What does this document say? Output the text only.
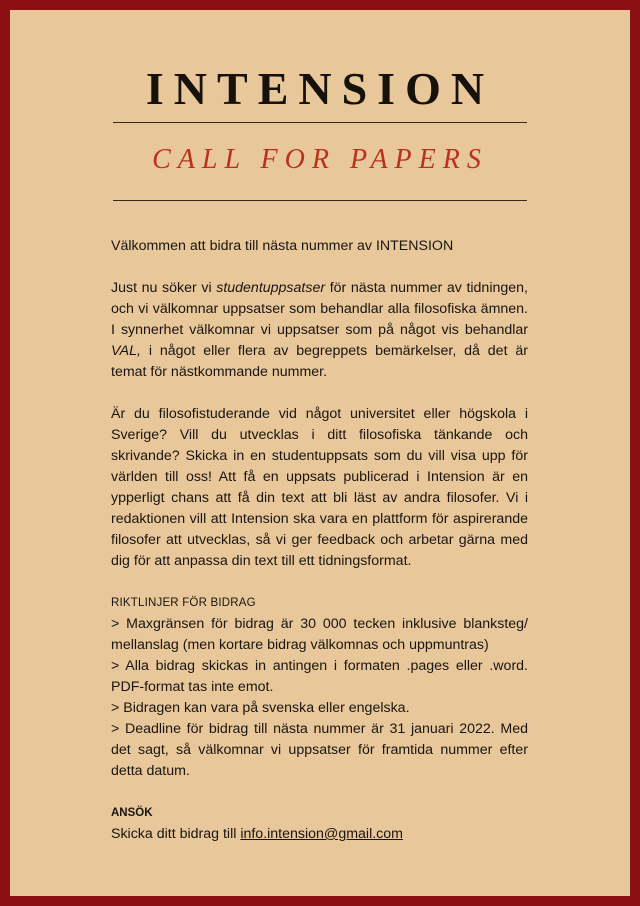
INTENSION
CALL FOR PAPERS

Välkommen att bidra till nästa nummer av INTENSION

Just nu söker vi studentuppsatser för nästa nummer av tidningen, och vi välkomnar uppsatser som behandlar alla filosofiska ämnen. I synnerhet välkomnar vi uppsatser som på något vis behandlar VAL, i något eller flera av begreppets bemärkelser, då det är temat för nästkommande nummer.

Är du filosofistuderande vid något universitet eller högskola i Sverige? Vill du utvecklas i ditt filosofiska tänkande och skrivande? Skicka in en studentuppsats som du vill visa upp för världen till oss! Att få en uppsats publicerad i Intension är en ypperligt chans att få din text att bli läst av andra filosofer. Vi i redaktionen vill att Intension ska vara en plattform för aspirerande filosofer att utvecklas, så vi ger feedback och arbetar gärna med dig för att anpassa din text till ett tidningsformat.

RIKTLINJER FÖR BIDRAG

> Maxgränsen för bidrag är 30 000 tecken inklusive blanksteg/ mellanslag (men kortare bidrag välkomnas och uppmuntras)

> Alla bidrag skickas in antingen i formaten .pages eller .word. PDF-format tas inte emot.

> Bidragen kan vara på svenska eller engelska.

> Deadline för bidrag till nästa nummer är 31 januari 2022. Med det sagt, så välkomnar vi uppsatser för framtida nummer efter detta datum.

ANSÖK

Skicka ditt bidrag till info.intension@gmail.com
